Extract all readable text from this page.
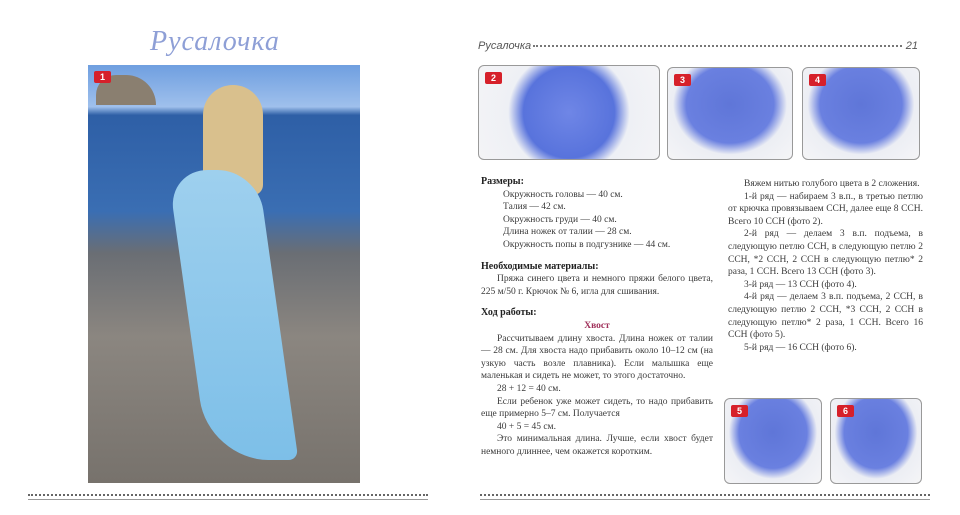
Русалочка
1
Русалочка	21
2	3	4
5	6
Размеры:
Окружность головы — 40 см.
Талия — 42 см.
Окружность груди — 40 см.
Длина ножек от талии — 28 см.
Окружность попы в подгузнике — 44 см.
Необходимые материалы:
Пряжа синего цвета и немного пряжи белого цвета, 225 м/50 г. Крючок № 6, игла для сшивания.
Ход работы:
Хвост
Рассчитываем длину хвоста. Длина ножек от талии — 28 см. Для хвоста надо прибавить около 10–12 см (на узкую часть возле плавника). Если малышка еще маленькая и сидеть не может, то этого достаточно.
28 + 12 = 40 см.
Если ребенок уже может сидеть, то надо прибавить еще примерно 5–7 см. Получается
40 + 5 = 45 см.
Это минимальная длина. Лучше, если хвост будет немного длиннее, чем окажется коротким.
Вяжем нитью голубого цвета в 2 сложения.
1-й ряд — набираем 3 в.п., в третью петлю от крючка провязываем ССН, далее еще 8 ССН. Всего 10 ССН (фото 2).
2-й ряд — делаем 3 в.п. подъема, в следующую петлю ССН, в следующую петлю 2 ССН, *2 ССН, 2 ССН в следующую петлю* 2 раза, 1 ССН. Всего 13 ССН (фото 3).
3-й ряд — 13 ССН (фото 4).
4-й ряд — делаем 3 в.п. подъема, 2 ССН, в следующую петлю 2 ССН, *3 ССН, 2 ССН в следующую петлю* 2 раза, 1 ССН. Всего 16 ССН (фото 5).
5-й ряд — 16 ССН (фото 6).
